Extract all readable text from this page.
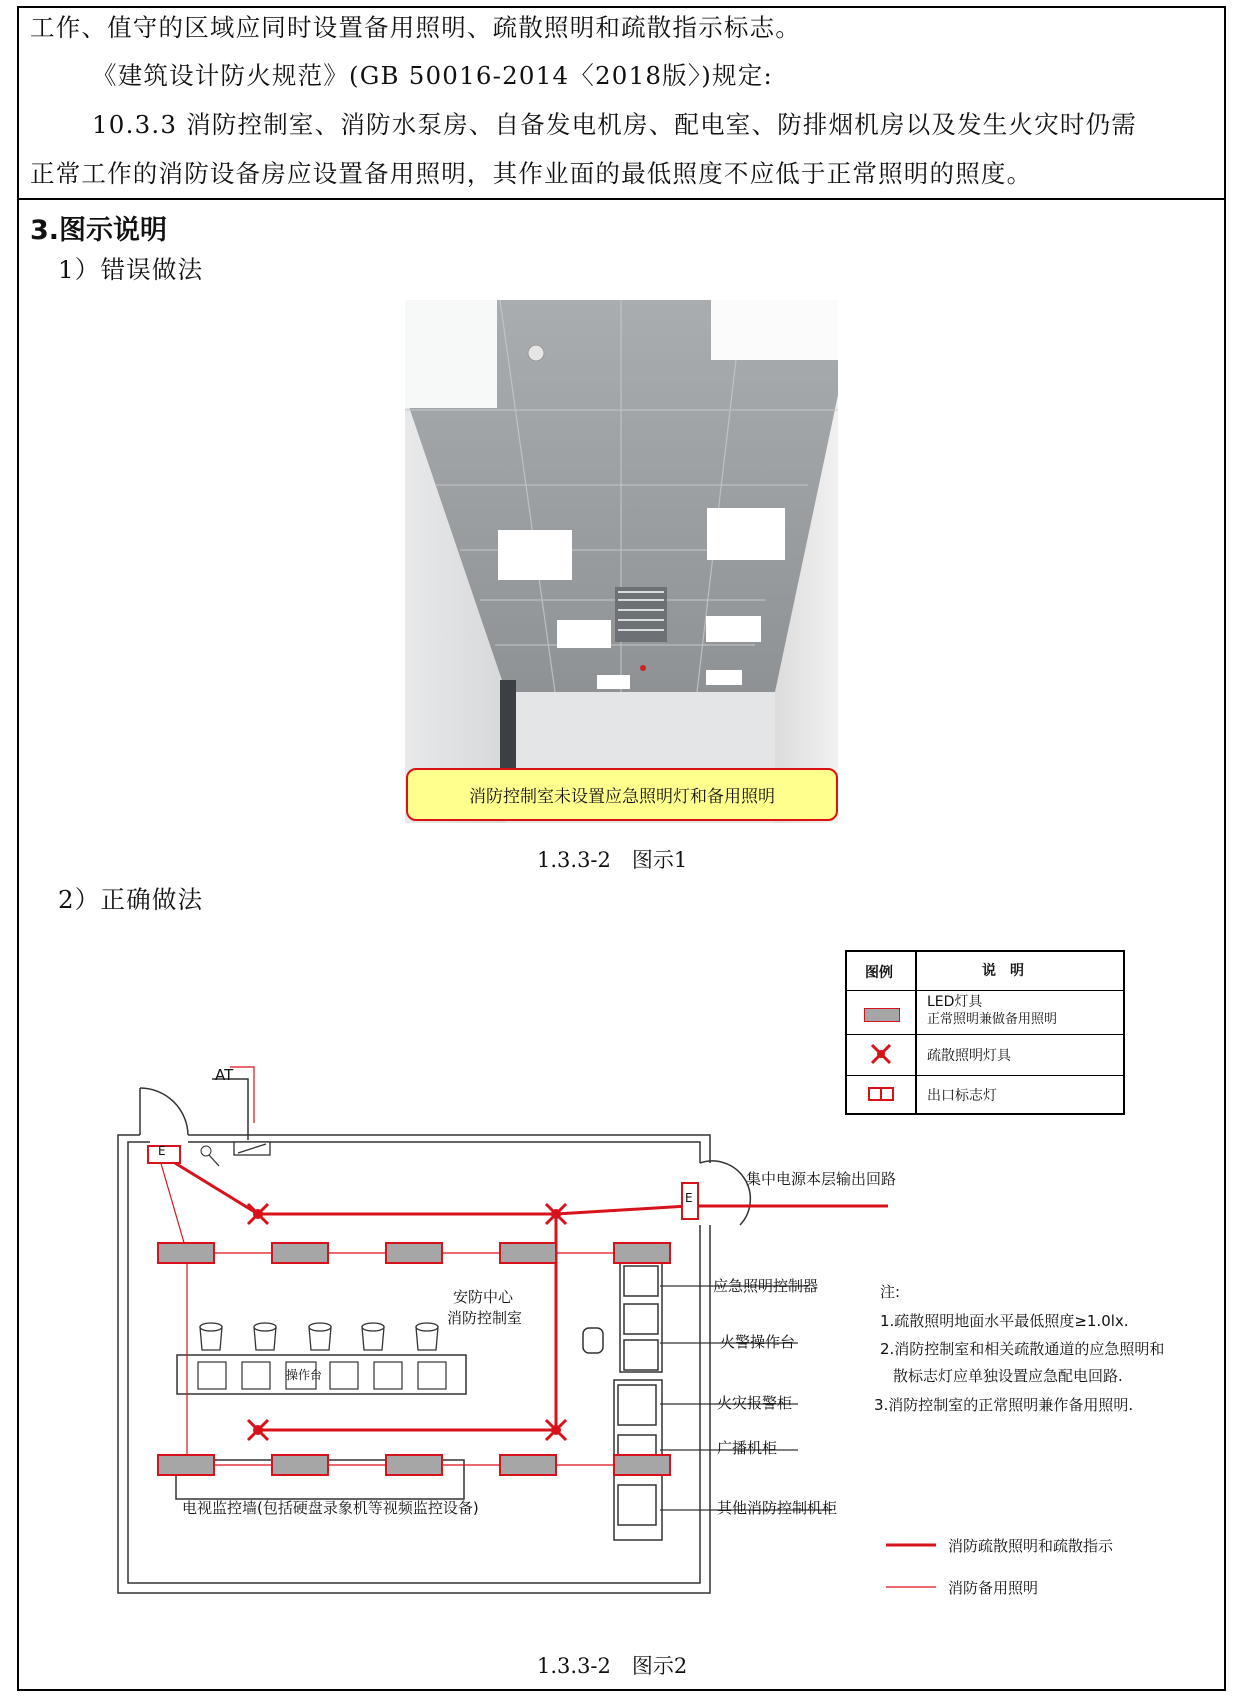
工作、值守的区域应同时设置备用照明、疏散照明和疏散指示标志。
《建筑设计防火规范》(GB 50016-2014〈2018版〉)规定:
10.3.3 消防控制室、消防水泵房、自备发电机房、配电室、防排烟机房以及发生火灾时仍需
正常工作的消防设备房应设置备用照明，其作业面的最低照度不应低于正常照明的照度。
3.图示说明
1）错误做法
消防控制室未设置应急照明灯和备用照明
1.3.3-2　图示1
2）正确做法
图例	说　明
LED灯具
正常照明兼做备用照明
疏散照明灯具
出口标志灯
AT
E
E
集中电源本层输出回路
安防中心
消防控制室
操作台
电视监控墙(包括硬盘录象机等视频监控设备)
应急照明控制器
火警操作台
火灾报警柜
广播机柜
其他消防控制机柜
注:
1.疏散照明地面水平最低照度≥1.0lx.
2.消防控制室和相关疏散通道的应急照明和
散标志灯应单独设置应急配电回路.
3.消防控制室的正常照明兼作备用照明.
消防疏散照明和疏散指示
消防备用照明
1.3.3-2　图示2
